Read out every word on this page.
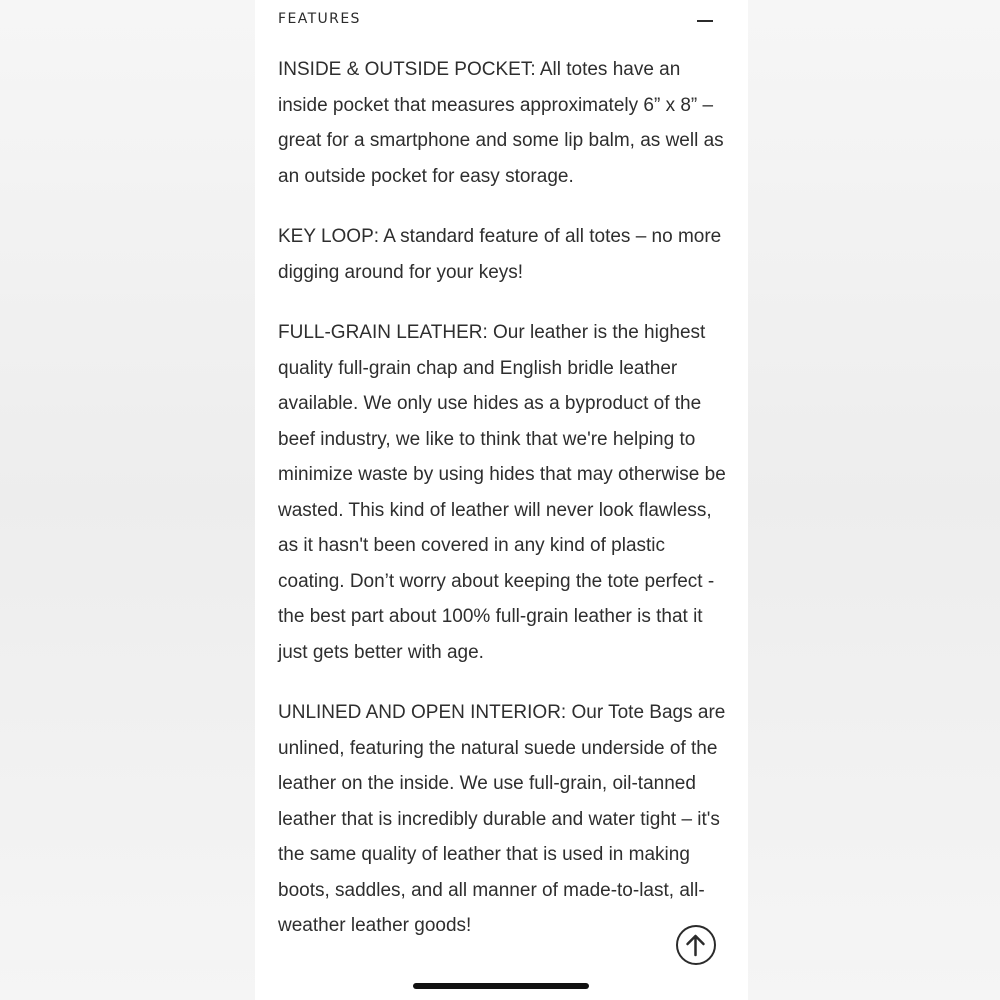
FEATURES

INSIDE & OUTSIDE POCKET: All totes have an inside pocket that measures approximately 6” x 8” – great for a smartphone and some lip balm, as well as an outside pocket for easy storage.

KEY LOOP: A standard feature of all totes – no more digging around for your keys!

FULL-GRAIN LEATHER: Our leather is the highest quality full-grain chap and English bridle leather available. We only use hides as a byproduct of the beef industry, we like to think that we're helping to minimize waste by using hides that may otherwise be wasted. This kind of leather will never look flawless, as it hasn't been covered in any kind of plastic coating. Don’t worry about keeping the tote perfect - the best part about 100% full-grain leather is that it just gets better with age.

UNLINED AND OPEN INTERIOR: Our Tote Bags are unlined, featuring the natural suede underside of the leather on the inside. We use full-grain, oil-tanned leather that is incredibly durable and water tight – it's the same quality of leather that is used in making boots, saddles, and all manner of made-to-last, all-weather leather goods!
